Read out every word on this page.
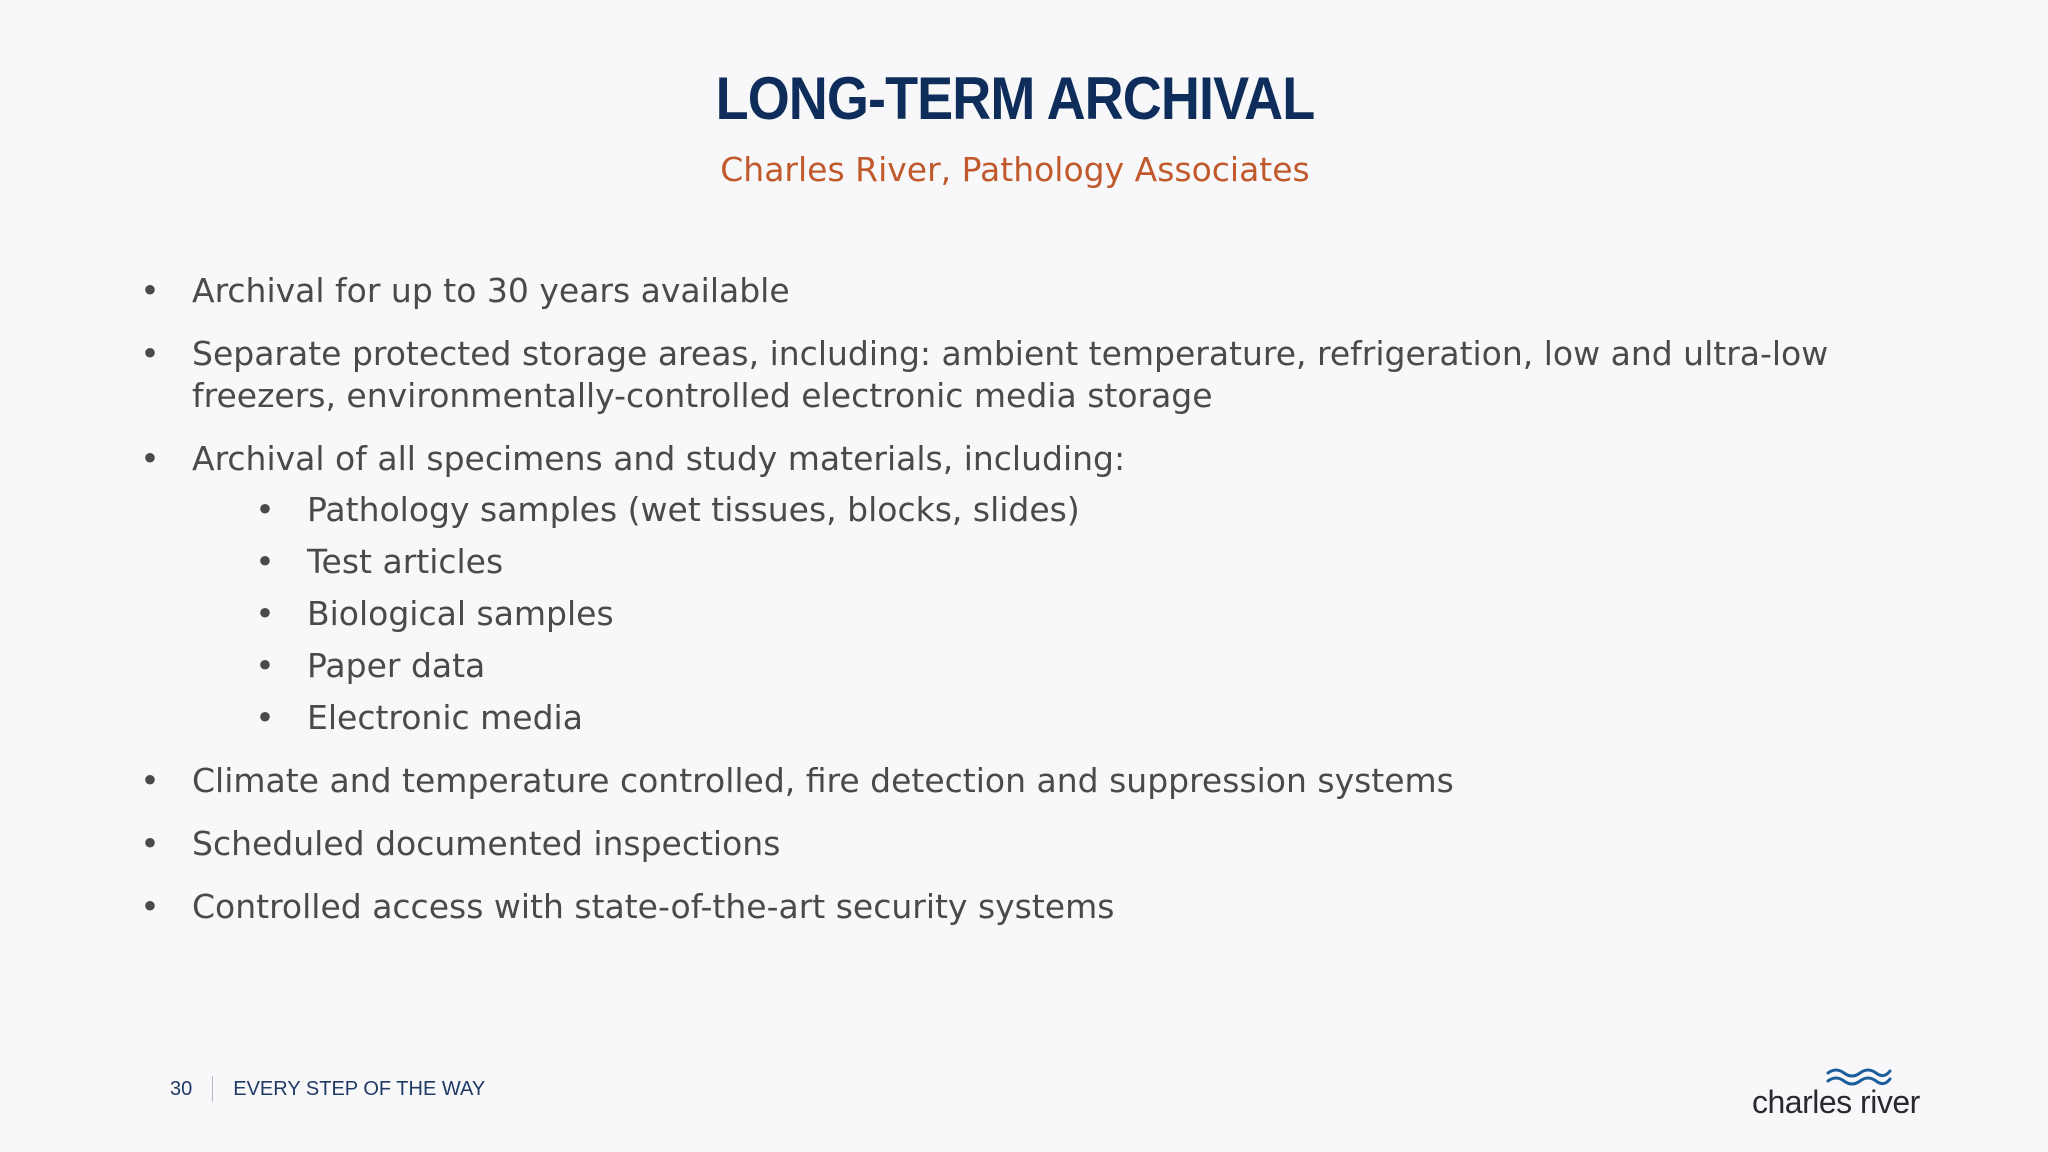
LONG-TERM ARCHIVAL
Charles River, Pathology Associates
• Archival for up to 30 years available
• Separate protected storage areas, including: ambient temperature, refrigeration, low and ultra-low freezers, environmentally-controlled electronic media storage
• Archival of all specimens and study materials, including:
• Pathology samples (wet tissues, blocks, slides)
• Test articles
• Biological samples
• Paper data
• Electronic media
• Climate and temperature controlled, fire detection and suppression systems
• Scheduled documented inspections
• Controlled access with state-of-the-art security systems
30 EVERY STEP OF THE WAY	charles river
